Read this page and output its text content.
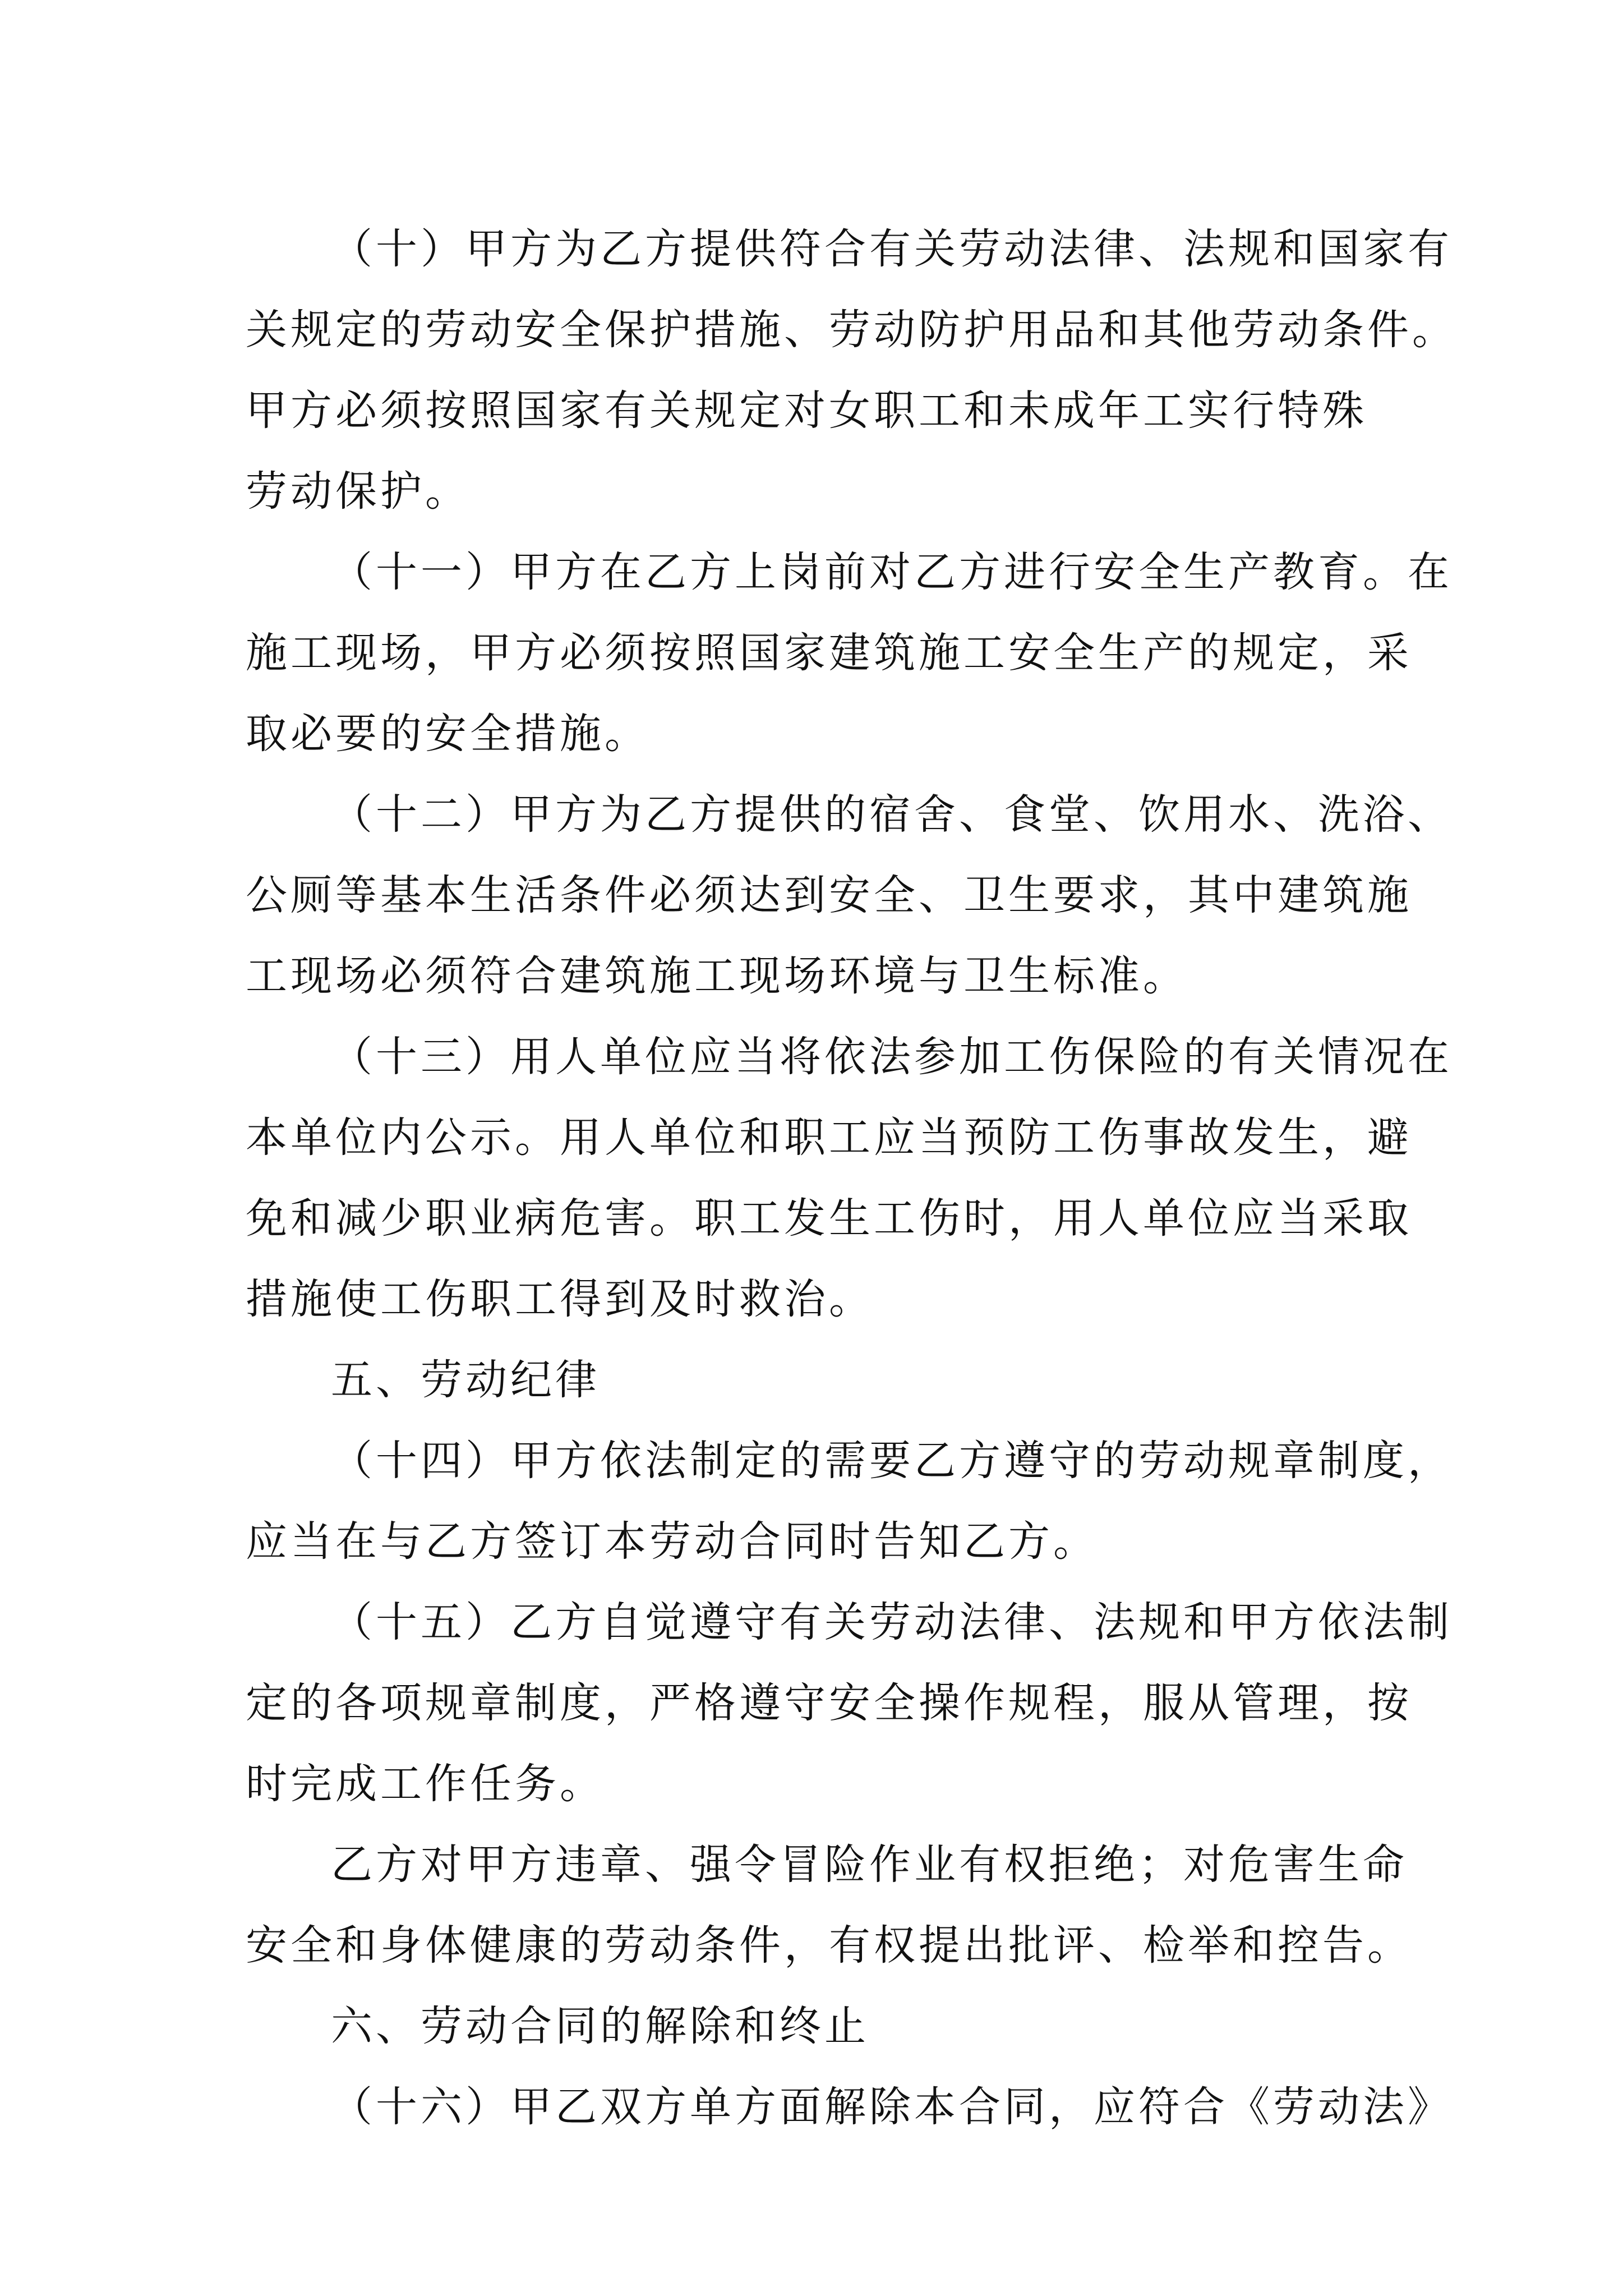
（十）甲方为乙方提供符合有关劳动法律、法规和国家有
关规定的劳动安全保护措施、劳动防护用品和其他劳动条件。
甲方必须按照国家有关规定对女职工和未成年工实行特殊
劳动保护。
（十一）甲方在乙方上岗前对乙方进行安全生产教育。在
施工现场，甲方必须按照国家建筑施工安全生产的规定，采
取必要的安全措施。
（十二）甲方为乙方提供的宿舍、食堂、饮用水、洗浴、
公厕等基本生活条件必须达到安全、卫生要求，其中建筑施
工现场必须符合建筑施工现场环境与卫生标准。
（十三）用人单位应当将依法参加工伤保险的有关情况在
本单位内公示。用人单位和职工应当预防工伤事故发生，避
免和减少职业病危害。职工发生工伤时，用人单位应当采取
措施使工伤职工得到及时救治。
五、劳动纪律
（十四）甲方依法制定的需要乙方遵守的劳动规章制度，
应当在与乙方签订本劳动合同时告知乙方。
（十五）乙方自觉遵守有关劳动法律、法规和甲方依法制
定的各项规章制度，严格遵守安全操作规程，服从管理，按
时完成工作任务。
乙方对甲方违章、强令冒险作业有权拒绝；对危害生命
安全和身体健康的劳动条件，有权提出批评、检举和控告。
六、劳动合同的解除和终止
（十六）甲乙双方单方面解除本合同，应符合《劳动法》
